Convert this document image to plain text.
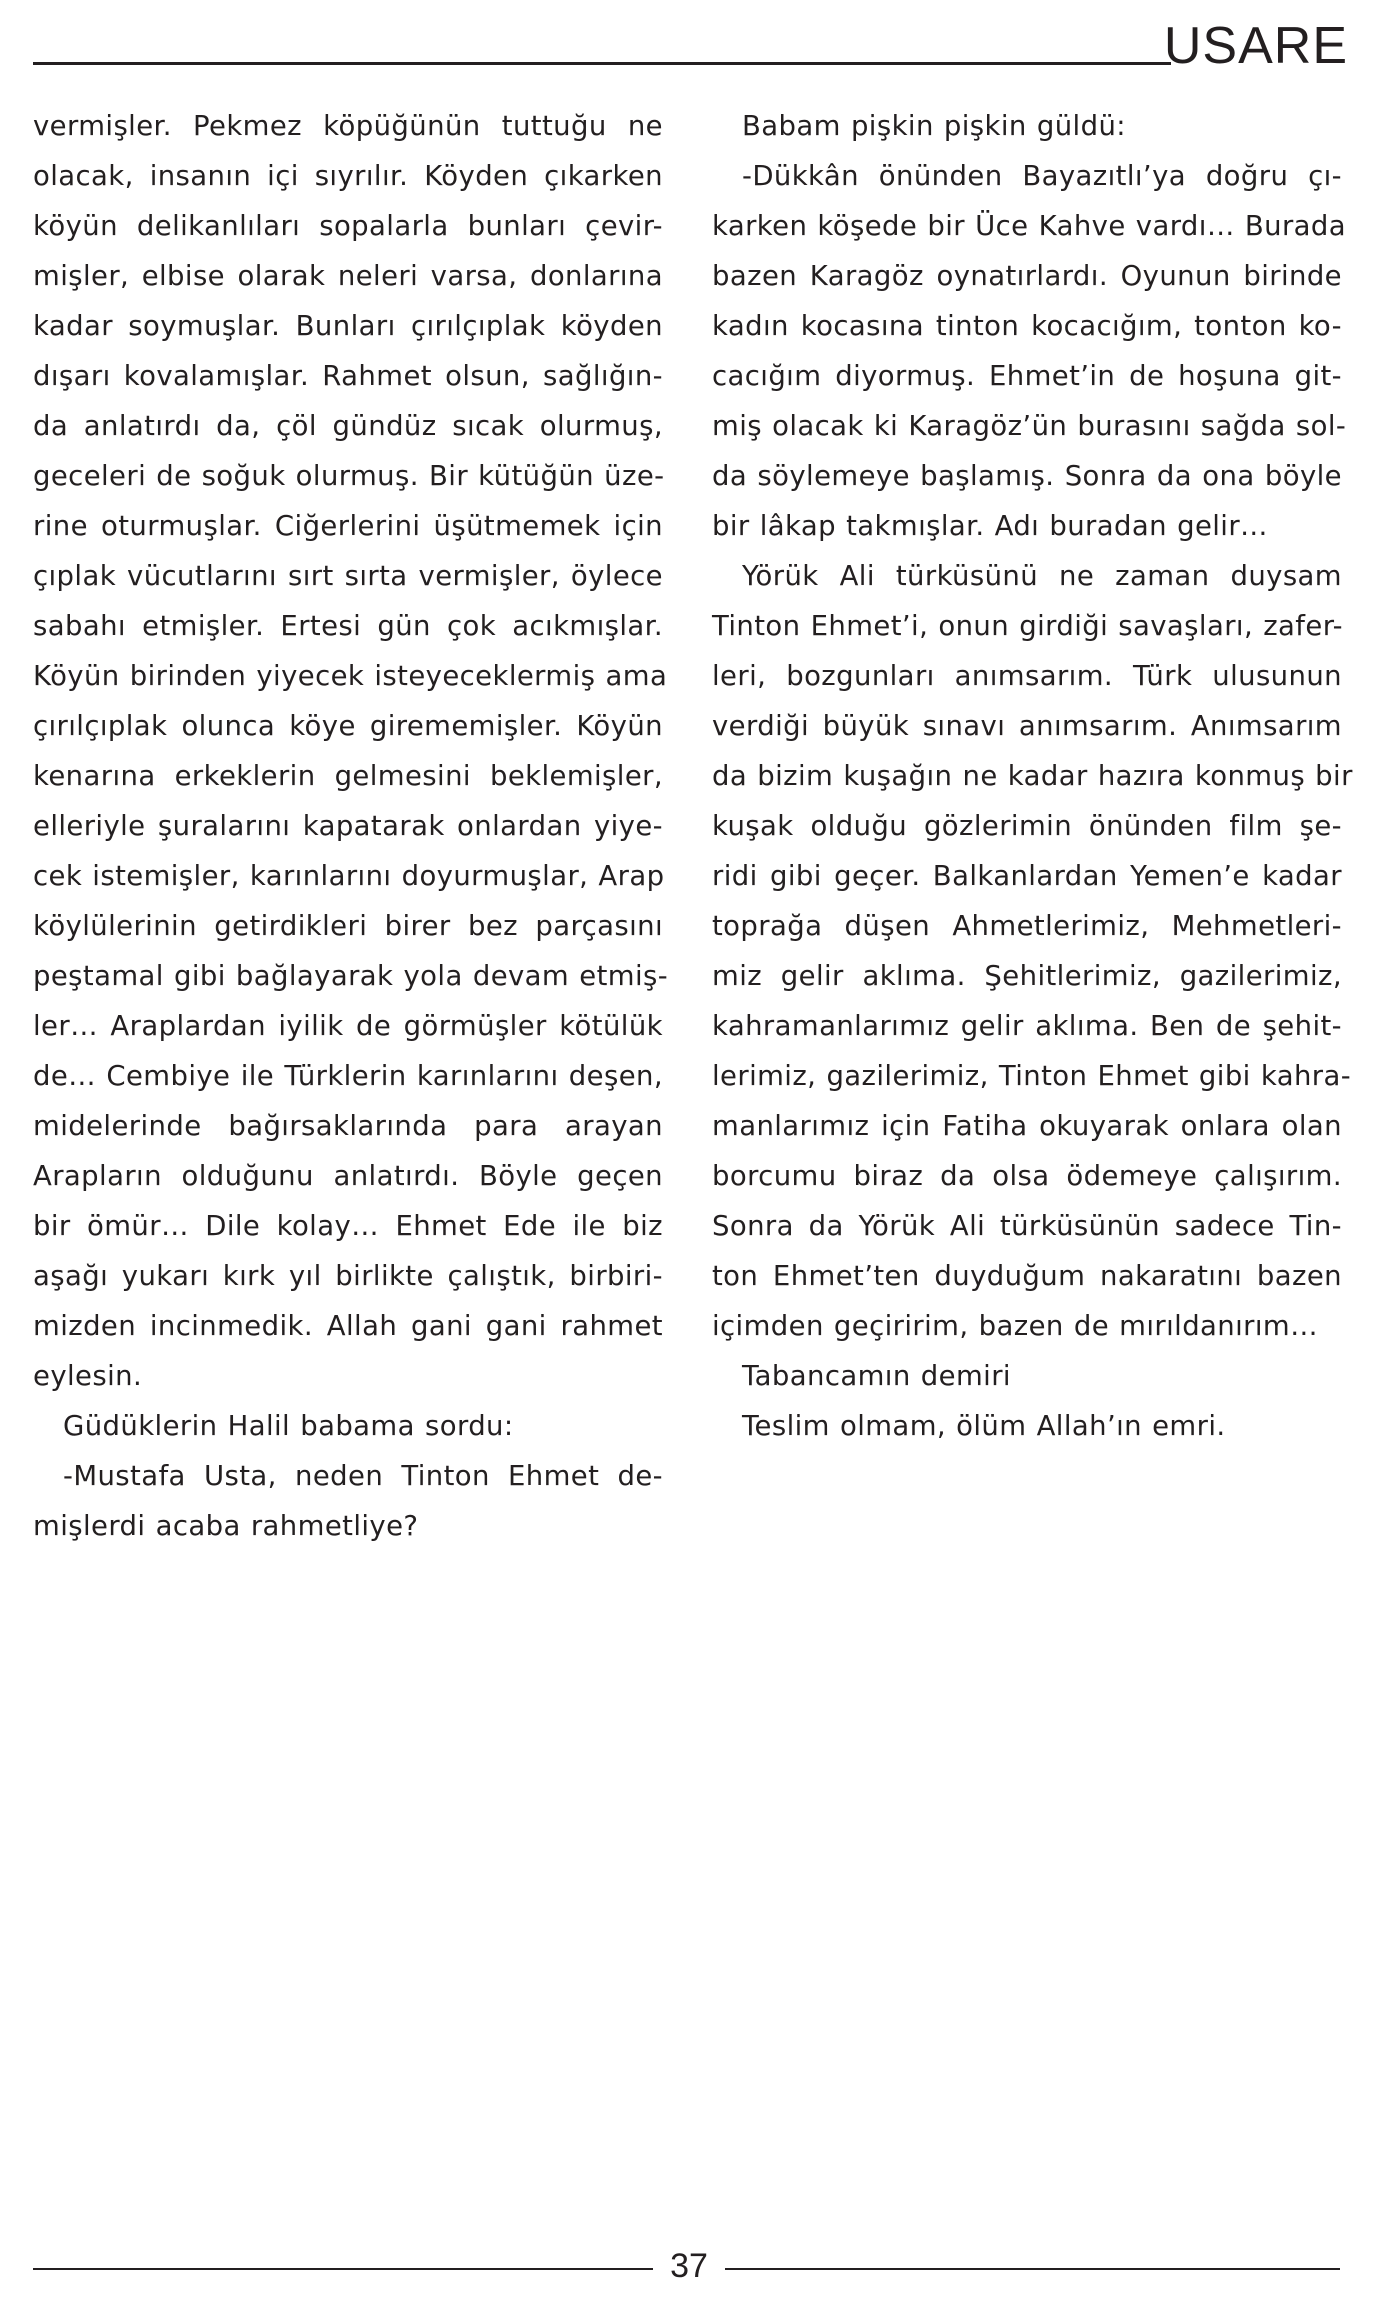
USARE
vermişler. Pekmez köpüğünün tuttuğu ne
olacak, insanın içi sıyrılır. Köyden çıkarken
köyün delikanlıları sopalarla bunları çevir-
mişler, elbise olarak neleri varsa, donlarına
kadar soymuşlar. Bunları çırılçıplak köyden
dışarı kovalamışlar. Rahmet olsun, sağlığın-
da anlatırdı da, çöl gündüz sıcak olurmuş,
geceleri de soğuk olurmuş. Bir kütüğün üze-
rine oturmuşlar. Ciğerlerini üşütmemek için
çıplak vücutlarını sırt sırta vermişler, öylece
sabahı etmişler. Ertesi gün çok acıkmışlar.
Köyün birinden yiyecek isteyeceklermiş ama
çırılçıplak olunca köye girememişler. Köyün
kenarına erkeklerin gelmesini beklemişler,
elleriyle şuralarını kapatarak onlardan yiye-
cek istemişler, karınlarını doyurmuşlar, Arap
köylülerinin getirdikleri birer bez parçasını
peştamal gibi bağlayarak yola devam etmiş-
ler… Araplardan iyilik de görmüşler kötülük
de… Cembiye ile Türklerin karınlarını deşen,
midelerinde bağırsaklarında para arayan
Arapların olduğunu anlatırdı. Böyle geçen
bir ömür… Dile kolay… Ehmet Ede ile biz
aşağı yukarı kırk yıl birlikte çalıştık, birbiri-
mizden incinmedik. Allah gani gani rahmet
eylesin.
Güdüklerin Halil babama sordu:
-Mustafa Usta, neden Tinton Ehmet de-
mişlerdi acaba rahmetliye?
Babam pişkin pişkin güldü:
-Dükkân önünden Bayazıtlı’ya doğru çı-
karken köşede bir Üce Kahve vardı… Burada
bazen Karagöz oynatırlardı. Oyunun birinde
kadın kocasına tinton kocacığım, tonton ko-
cacığım diyormuş. Ehmet’in de hoşuna git-
miş olacak ki Karagöz’ün burasını sağda sol-
da söylemeye başlamış. Sonra da ona böyle
bir lâkap takmışlar. Adı buradan gelir…
Yörük Ali türküsünü ne zaman duysam
Tinton Ehmet’i, onun girdiği savaşları, zafer-
leri, bozgunları anımsarım. Türk ulusunun
verdiği büyük sınavı anımsarım. Anımsarım
da bizim kuşağın ne kadar hazıra konmuş bir
kuşak olduğu gözlerimin önünden film şe-
ridi gibi geçer. Balkanlardan Yemen’e kadar
toprağa düşen Ahmetlerimiz, Mehmetleri-
miz gelir aklıma. Şehitlerimiz, gazilerimiz,
kahramanlarımız gelir aklıma. Ben de şehit-
lerimiz, gazilerimiz, Tinton Ehmet gibi kahra-
manlarımız için Fatiha okuyarak onlara olan
borcumu biraz da olsa ödemeye çalışırım.
Sonra da Yörük Ali türküsünün sadece Tin-
ton Ehmet’ten duyduğum nakaratını bazen
içimden geçiririm, bazen de mırıldanırım…
Tabancamın demiri
Teslim olmam, ölüm Allah’ın emri.
37
